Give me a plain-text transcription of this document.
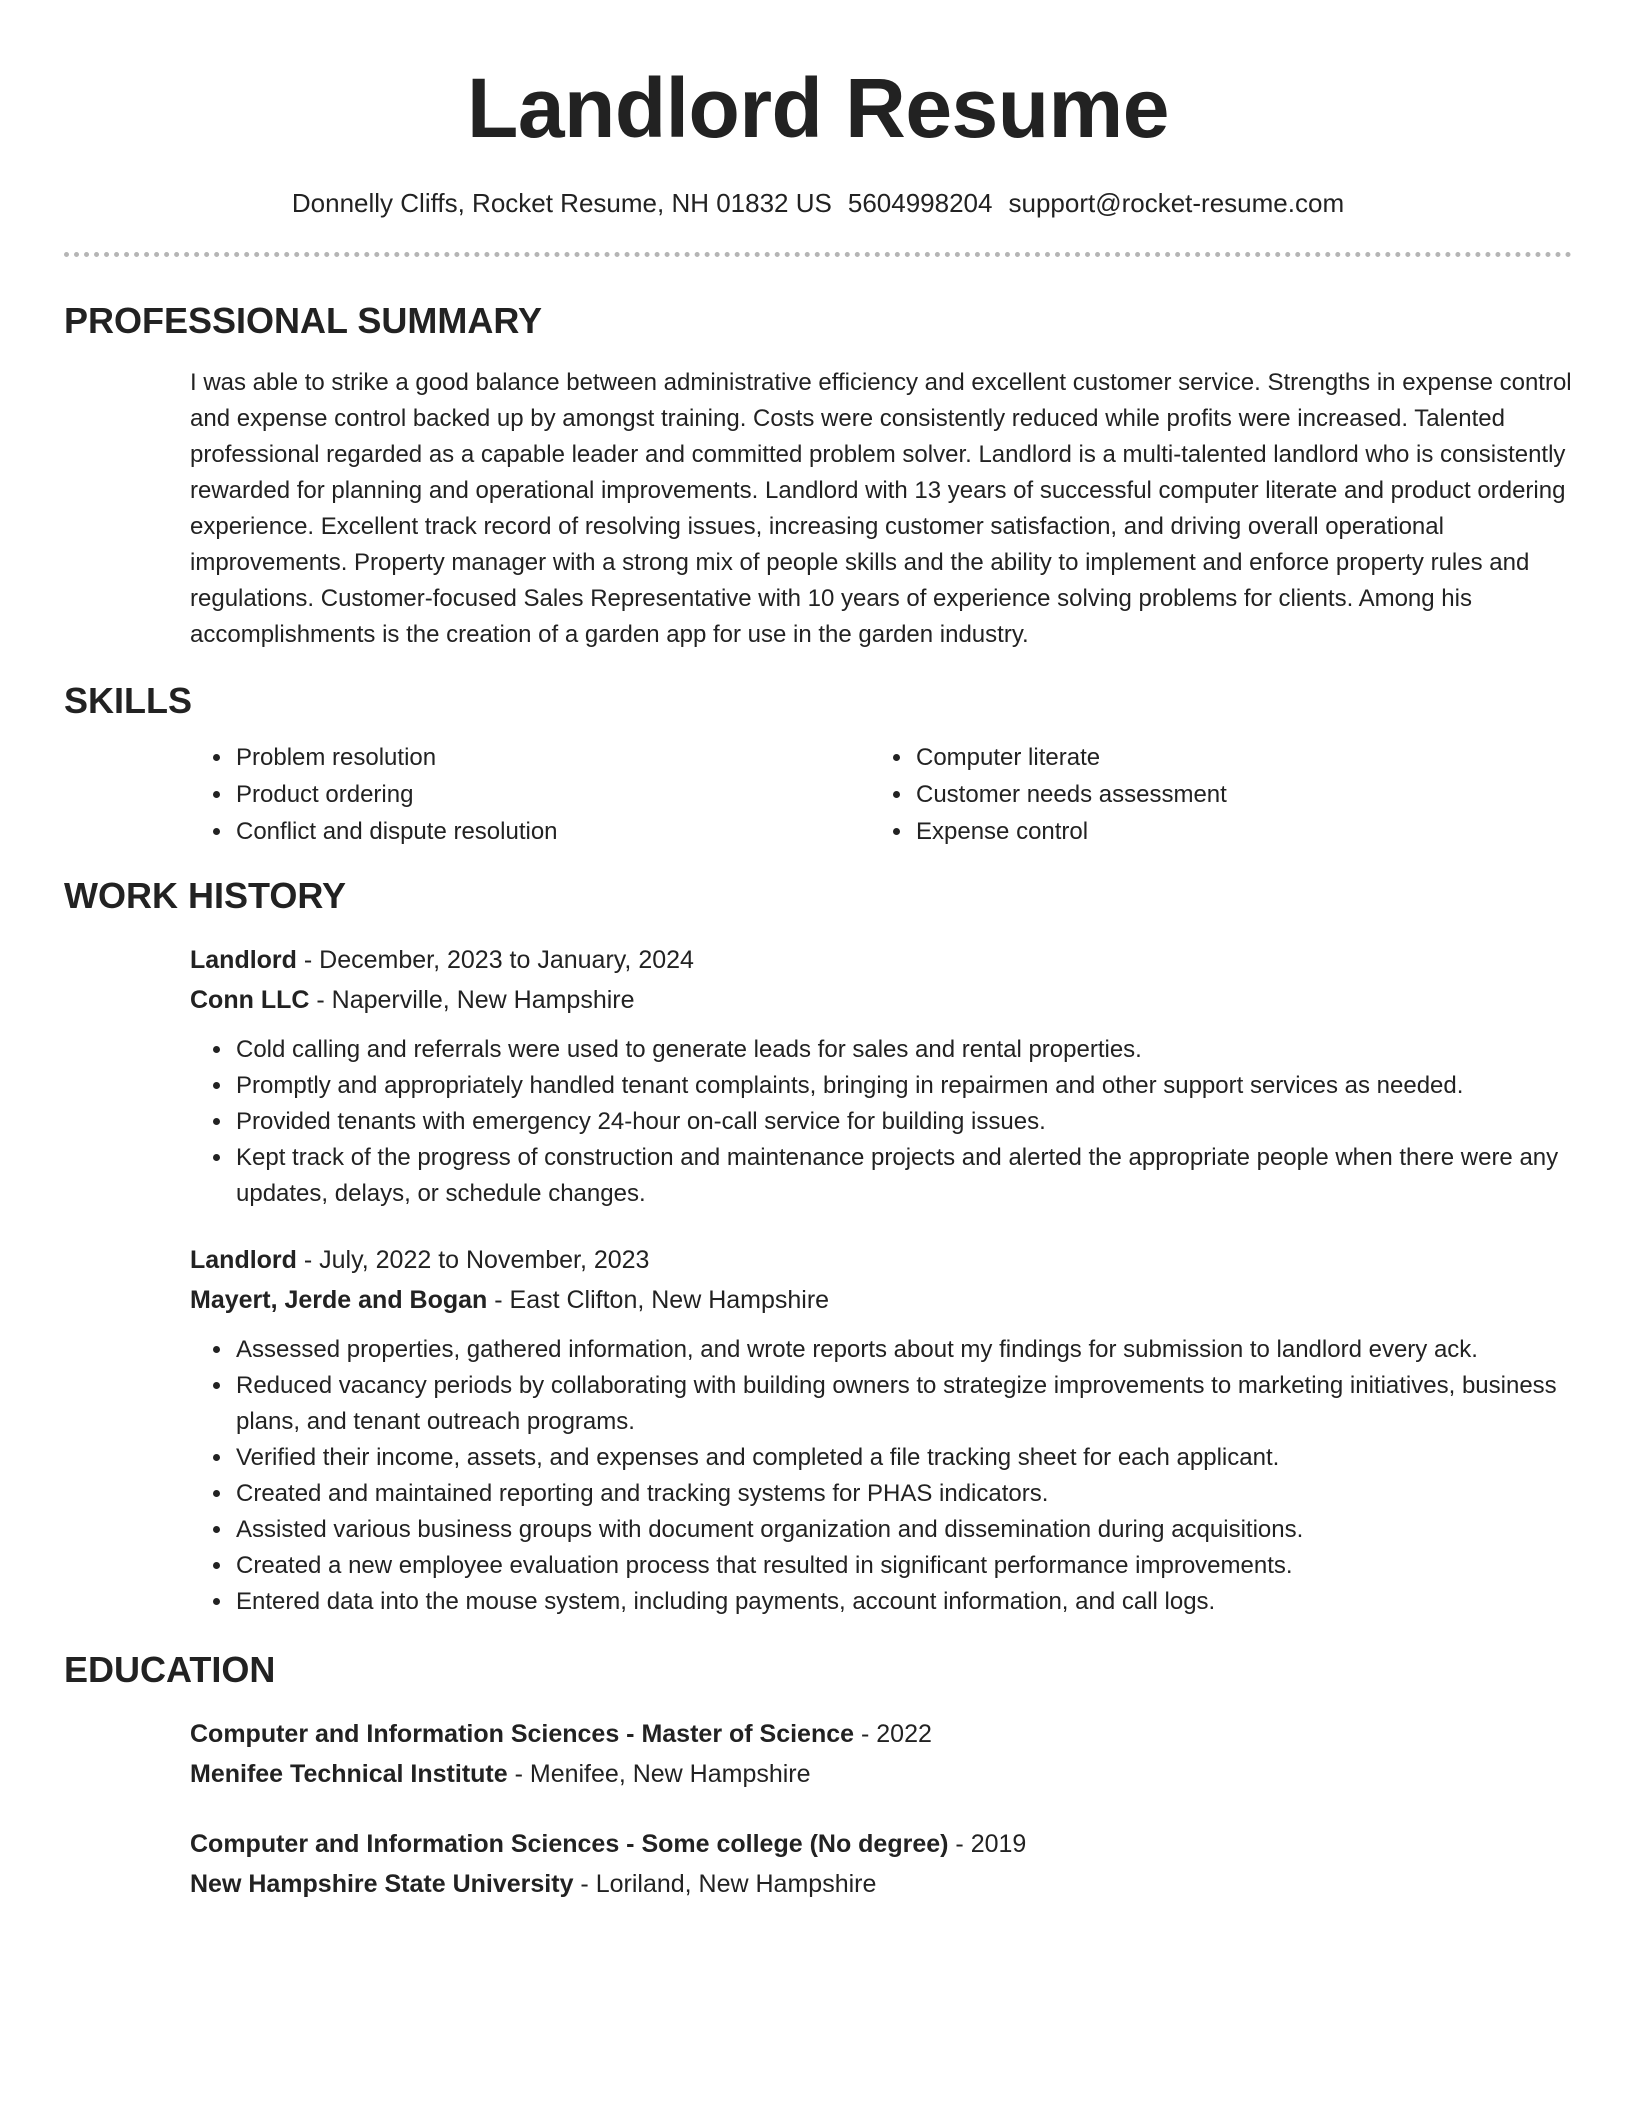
Landlord Resume
Donnelly Cliffs, Rocket Resume, NH 01832 US 5604998204 support@rocket-resume.com
PROFESSIONAL SUMMARY
I was able to strike a good balance between administrative efficiency and excellent customer service. Strengths in expense control and expense control backed up by amongst training. Costs were consistently reduced while profits were increased. Talented professional regarded as a capable leader and committed problem solver. Landlord is a multi-talented landlord who is consistently rewarded for planning and operational improvements. Landlord with 13 years of successful computer literate and product ordering experience. Excellent track record of resolving issues, increasing customer satisfaction, and driving overall operational improvements. Property manager with a strong mix of people skills and the ability to implement and enforce property rules and regulations. Customer-focused Sales Representative with 10 years of experience solving problems for clients. Among his accomplishments is the creation of a garden app for use in the garden industry.
SKILLS
• Problem resolution
• Product ordering
• Conflict and dispute resolution
• Computer literate
• Customer needs assessment
• Expense control
WORK HISTORY
Landlord - December, 2023 to January, 2024
Conn LLC - Naperville, New Hampshire
• Cold calling and referrals were used to generate leads for sales and rental properties.
• Promptly and appropriately handled tenant complaints, bringing in repairmen and other support services as needed.
• Provided tenants with emergency 24-hour on-call service for building issues.
• Kept track of the progress of construction and maintenance projects and alerted the appropriate people when there were any updates, delays, or schedule changes.
Landlord - July, 2022 to November, 2023
Mayert, Jerde and Bogan - East Clifton, New Hampshire
• Assessed properties, gathered information, and wrote reports about my findings for submission to landlord every ack.
• Reduced vacancy periods by collaborating with building owners to strategize improvements to marketing initiatives, business plans, and tenant outreach programs.
• Verified their income, assets, and expenses and completed a file tracking sheet for each applicant.
• Created and maintained reporting and tracking systems for PHAS indicators.
• Assisted various business groups with document organization and dissemination during acquisitions.
• Created a new employee evaluation process that resulted in significant performance improvements.
• Entered data into the mouse system, including payments, account information, and call logs.
EDUCATION
Computer and Information Sciences - Master of Science - 2022
Menifee Technical Institute - Menifee, New Hampshire
Computer and Information Sciences - Some college (No degree) - 2019
New Hampshire State University - Loriland, New Hampshire
